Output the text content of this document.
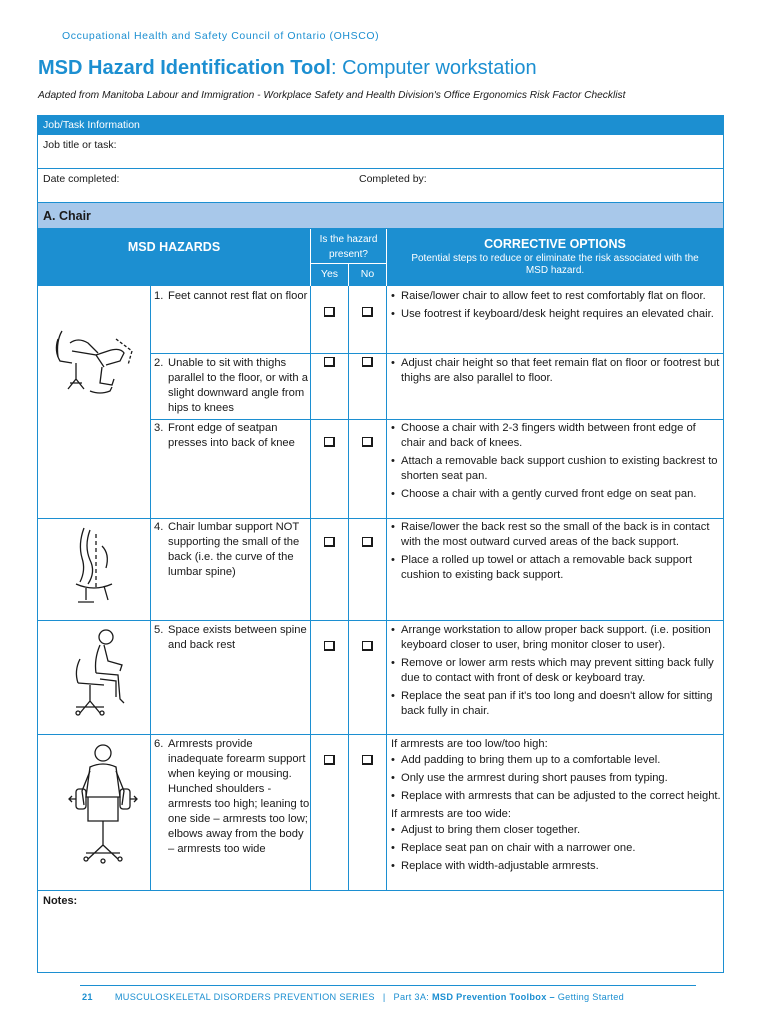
Occupational Health and Safety Council of Ontario (OHSCO)
MSD Hazard Identification Tool: Computer workstation
Adapted from Manitoba Labour and Immigration - Workplace Safety and Health Division's Office Ergonomics Risk Factor Checklist
Job/Task Information
Job title or task:
Date completed:	Completed by:
A. Chair
MSD HAZARDS
Is the hazard present?
Yes	No
CORRECTIVE OPTIONS
Potential steps to reduce or eliminate the risk associated with the MSD hazard.
1. Feet cannot rest flat on floor
•	Raise/lower chair to allow feet to rest comfortably flat on floor.
• Use footrest if keyboard/desk height requires an elevated chair.
2. Unable to sit with thighs parallel to the floor, or with a slight downward angle from hips to knees
• Adjust chair height so that feet remain flat on floor or footrest but thighs are also parallel to floor.
3. Front edge of seatpan presses into back of knee
• Choose a chair with 2-3 fingers width between front edge of chair and back of knees.
• Attach a removable back support cushion to existing backrest to shorten seat pan.
• Choose a chair with a gently curved front edge on seat pan.
4. Chair lumbar support NOT supporting the small of the back (i.e. the curve of the lumbar spine)
• Raise/lower the back rest so the small of the back is in contact with the most outward curved areas of the back support.
• Place a rolled up towel or attach a removable back support cushion to existing back support.
5. Space exists between spine and back rest
• Arrange workstation to allow proper back support. (i.e. position keyboard closer to user, bring monitor closer to user).
• Remove or lower arm rests which may prevent sitting back fully due to contact with front of desk or keyboard tray.
• Replace the seat pan if it's too long and doesn't allow for sitting back fully in chair.
6. Armrests provide inadequate forearm support when keying or mousing. Hunched shoulders - armrests too high; leaning to one side – armrests too low; elbows away from the body – armrests too wide
If armrests are too low/too high:
• Add padding to bring them up to a comfortable level.
• Only use the armrest during short pauses from typing.
• Replace with armrests that can be adjusted to the correct height.
If armrests are too wide:
• Adjust to bring them closer together.
• Replace seat pan on chair with a narrower one.
• Replace with width-adjustable armrests.
Notes:
21 MUSCULOSKELETAL DISORDERS PREVENTION SERIES | Part 3A: MSD Prevention Toolbox – Getting Started
